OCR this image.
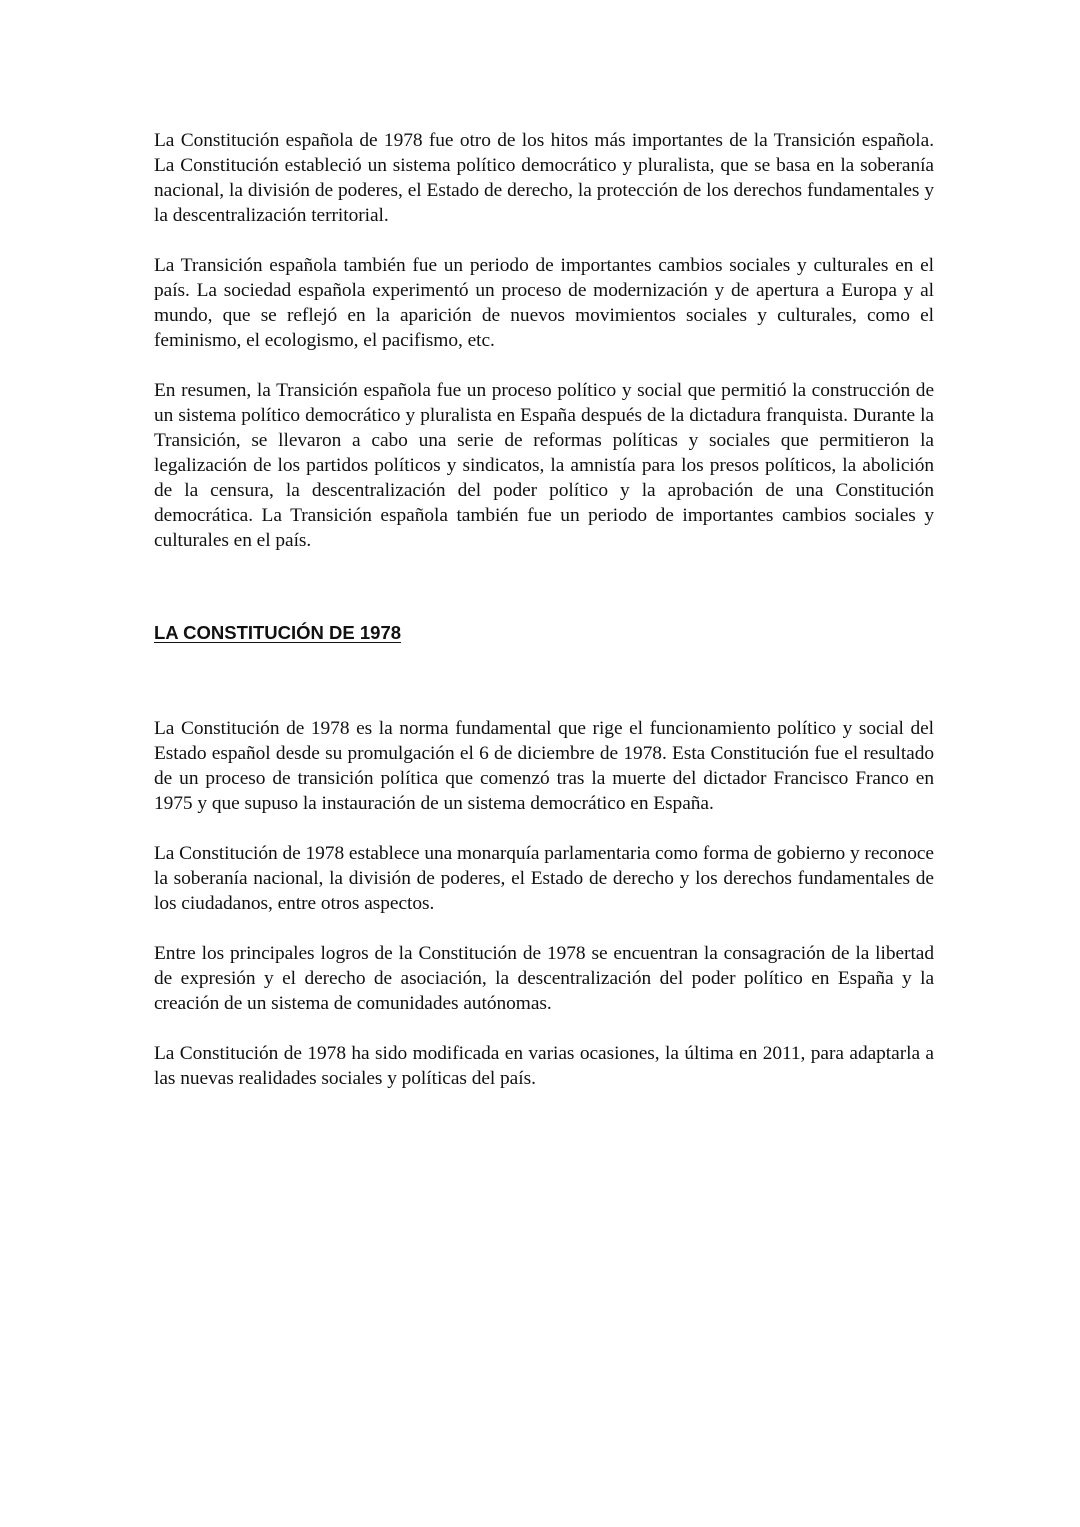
La Constitución española de 1978 fue otro de los hitos más importantes de la Transición española. La Constitución estableció un sistema político democrático y pluralista, que se basa en la soberanía nacional, la división de poderes, el Estado de derecho, la protección de los derechos fundamentales y la descentralización territorial.

La Transición española también fue un periodo de importantes cambios sociales y culturales en el país. La sociedad española experimentó un proceso de modernización y de apertura a Europa y al mundo, que se reflejó en la aparición de nuevos movimientos sociales y culturales, como el feminismo, el ecologismo, el pacifismo, etc.

En resumen, la Transición española fue un proceso político y social que permitió la construcción de un sistema político democrático y pluralista en España después de la dictadura franquista. Durante la Transición, se llevaron a cabo una serie de reformas políticas y sociales que permitieron la legalización de los partidos políticos y sindicatos, la amnistía para los presos políticos, la abolición de la censura, la descentralización del poder político y la aprobación de una Constitución democrática. La Transición española también fue un periodo de importantes cambios sociales y culturales en el país.

LA CONSTITUCIÓN DE 1978

La Constitución de 1978 es la norma fundamental que rige el funcionamiento político y social del Estado español desde su promulgación el 6 de diciembre de 1978. Esta Constitución fue el resultado de un proceso de transición política que comenzó tras la muerte del dictador Francisco Franco en 1975 y que supuso la instauración de un sistema democrático en España.

La Constitución de 1978 establece una monarquía parlamentaria como forma de gobierno y reconoce la soberanía nacional, la división de poderes, el Estado de derecho y los derechos fundamentales de los ciudadanos, entre otros aspectos.

Entre los principales logros de la Constitución de 1978 se encuentran la consagración de la libertad de expresión y el derecho de asociación, la descentralización del poder político en España y la creación de un sistema de comunidades autónomas.

La Constitución de 1978 ha sido modificada en varias ocasiones, la última en 2011, para adaptarla a las nuevas realidades sociales y políticas del país.
